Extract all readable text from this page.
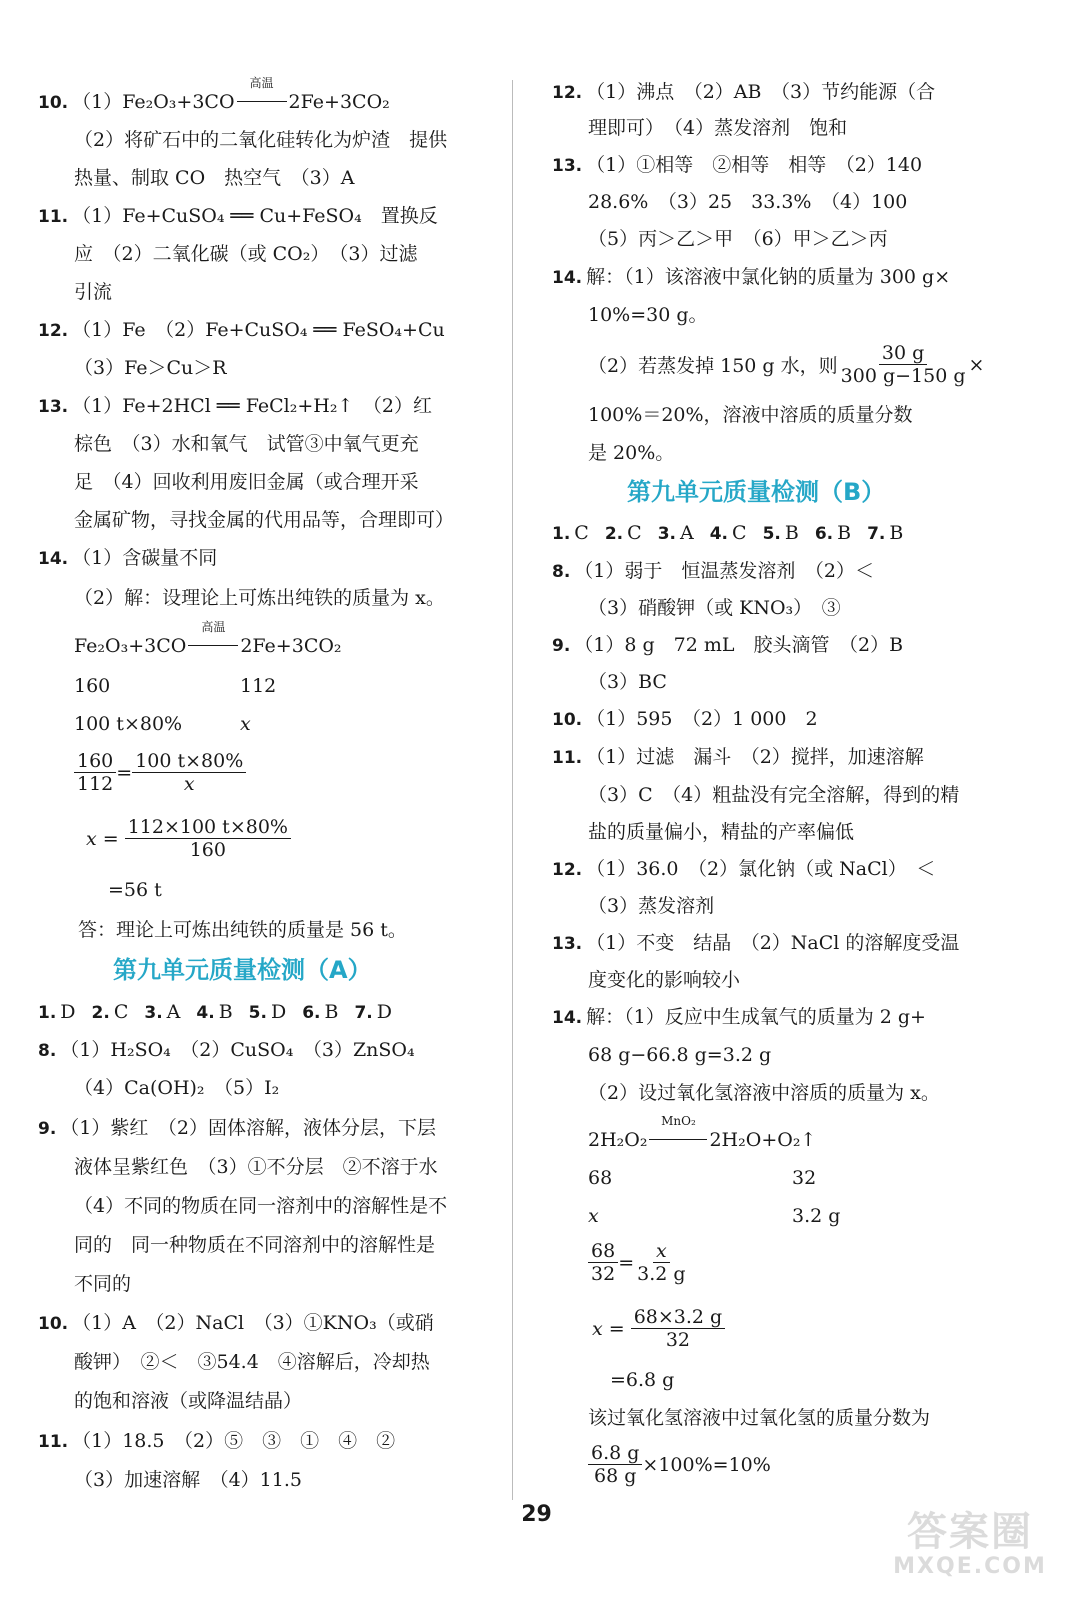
10. （1）Fe₂O₃+3CO
高温
2Fe+3CO₂
（2）将矿石中的二氧化硅转化为炉渣　提供
热量、制取 CO　热空气　（3）A
11. （1）Fe+CuSO₄ ══ Cu+FeSO₄　置换反
应　（2）二氧化碳（或 CO₂）　（3）过滤
引流
12. （1）Fe　（2）Fe+CuSO₄ ══ FeSO₄+Cu
（3）Fe＞Cu＞R
13. （1）Fe+2HCl ══ FeCl₂+H₂↑　（2）红
棕色　（3）水和氧气　试管③中氧气更充
足　（4）回收利用废旧金属（或合理开采
金属矿物，寻找金属的代用品等，合理即可）
14. （1）含碳量不同
（2）解：设理论上可炼出纯铁的质量为 x。
Fe₂O₃+3CO
高温
2Fe+3CO₂
160	112
100 t×80%	x
$\frac{160}{112} = \frac{100 t\times 80\%}{x}$
$x = \frac{112\times 100 t\times 80\%}{160}$
=56 t
答：理论上可炼出纯铁的质量是 56 t。
第九单元质量检测（A）
1. D 2. C 3. A 4. B 5. D 6. B 7. D
8. （1）H₂SO₄　（2）CuSO₄　（3）ZnSO₄
（4）Ca(OH)₂　（5）I₂
9. （1）紫红　（2）固体溶解，液体分层，下层
液体呈紫红色　（3）①不分层　②不溶于水
（4）不同的物质在同一溶剂中的溶解性是不
同的　同一种物质在不同溶剂中的溶解性是
不同的
10. （1）A　（2）NaCl　（3）①KNO₃（或硝
酸钾）　②＜　③54.4　④溶解后，冷却热
的饱和溶液（或降温结晶）
11. （1）18.5　（2）⑤　③　①　④　②
（3）加速溶解　（4）11.5
12. （1）沸点　（2）AB　（3）节约能源（合
理即可）　（4）蒸发溶剂　饱和
13. （1）①相等　②相等　相等　（2）140
28.6%　（3）25　33.3%　（4）100
（5）丙＞乙＞甲　（6）甲＞乙＞丙
14. 解：（1）该溶液中氯化钠的质量为 300 g×
10%=30 g。
（2）若蒸发掉 150 g 水，则 $\frac{30 g}{300 g-150 g}$ ×
100%＝20%，溶液中溶质的质量分数
是 20%。
第九单元质量检测（B）
1. C 2. C 3. A 4. C 5. B 6. B 7. B
8. （1）弱于　恒温蒸发溶剂　（2）＜
（3）硝酸钾（或 KNO₃）　③
9. （1）8 g　72 mL　胶头滴管　（2）B
（3）BC
10. （1）595　（2）1 000　2
11. （1）过滤　漏斗　（2）搅拌，加速溶解
（3）C　（4）粗盐没有完全溶解，得到的精
盐的质量偏小，精盐的产率偏低
12. （1）36.0　（2）氯化钠（或 NaCl）　＜
（3）蒸发溶剂
13. （1）不变　结晶　（2）NaCl 的溶解度受温
度变化的影响较小
14. 解：（1）反应中生成氧气的质量为 2 g+
68 g−66.8 g=3.2 g
（2）设过氧化氢溶液中溶质的质量为 x。
2H₂O₂
MnO₂
2H₂O+O₂↑
68	32
x	3.2 g
$\frac{68}{32} = \frac{x}{3.2 g}$
$x = \frac{68\times 3.2 g}{32}$
=6.8 g
该过氧化氢溶液中过氧化氢的质量分数为
$\frac{6.8 g}{68 g} \times 100\%=10\%$
29	答案圈
MXQE.COM
